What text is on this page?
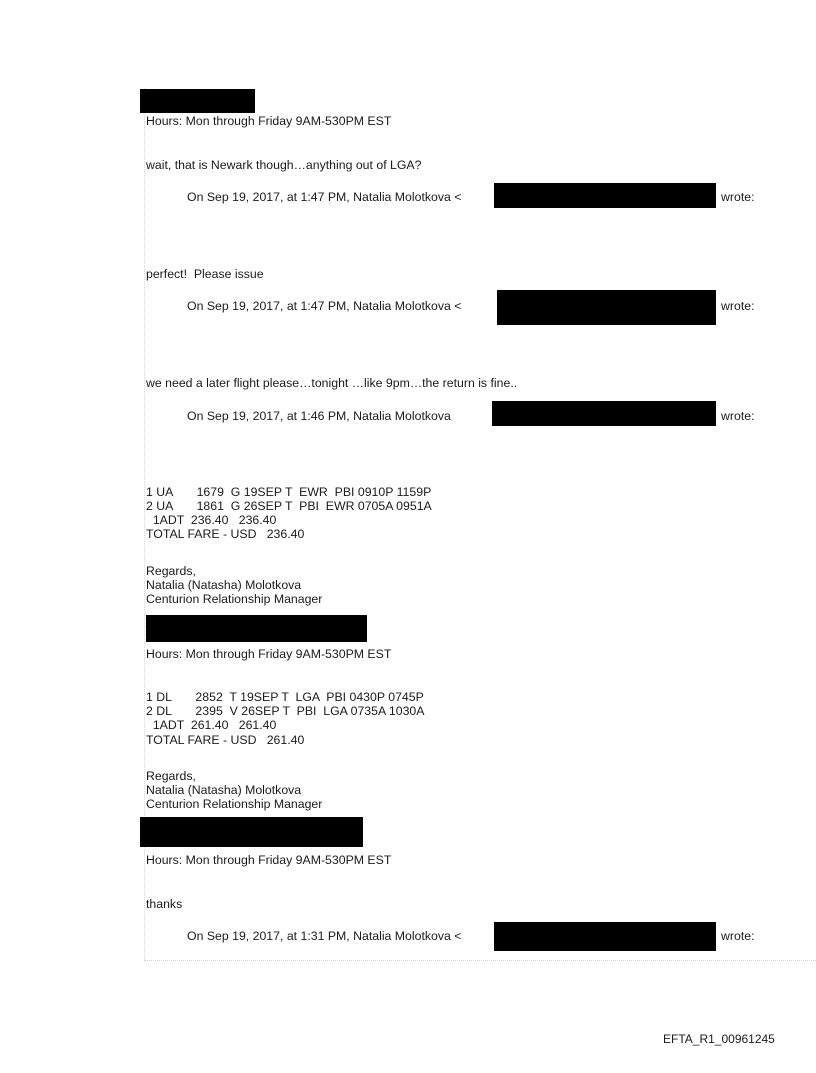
Hours: Mon through Friday 9AM-530PM EST
wait, that is Newark though…anything out of LGA?
On Sep 19, 2017, at 1:47 PM, Natalia Molotkova <	wrote:
perfect!  Please issue
On Sep 19, 2017, at 1:47 PM, Natalia Molotkova <	wrote:
we need a later flight please…tonight …like 9pm…the return is fine..
On Sep 19, 2017, at 1:46 PM, Natalia Molotkova	wrote:
1 UA       1679  G 19SEP T  EWR  PBI 0910P 1159P
2 UA       1861  G 26SEP T  PBI  EWR 0705A 0951A
1ADT  236.40   236.40
TOTAL FARE - USD   236.40
Regards,
Natalia (Natasha) Molotkova
Centurion Relationship Manager
Hours: Mon through Friday 9AM-530PM EST
1 DL       2852  T 19SEP T  LGA  PBI 0430P 0745P
2 DL       2395  V 26SEP T  PBI  LGA 0735A 1030A
1ADT  261.40   261.40
TOTAL FARE - USD   261.40
Regards,
Natalia (Natasha) Molotkova
Centurion Relationship Manager
Hours: Mon through Friday 9AM-530PM EST
thanks
On Sep 19, 2017, at 1:31 PM, Natalia Molotkova <	wrote:
EFTA_R1_00961245
